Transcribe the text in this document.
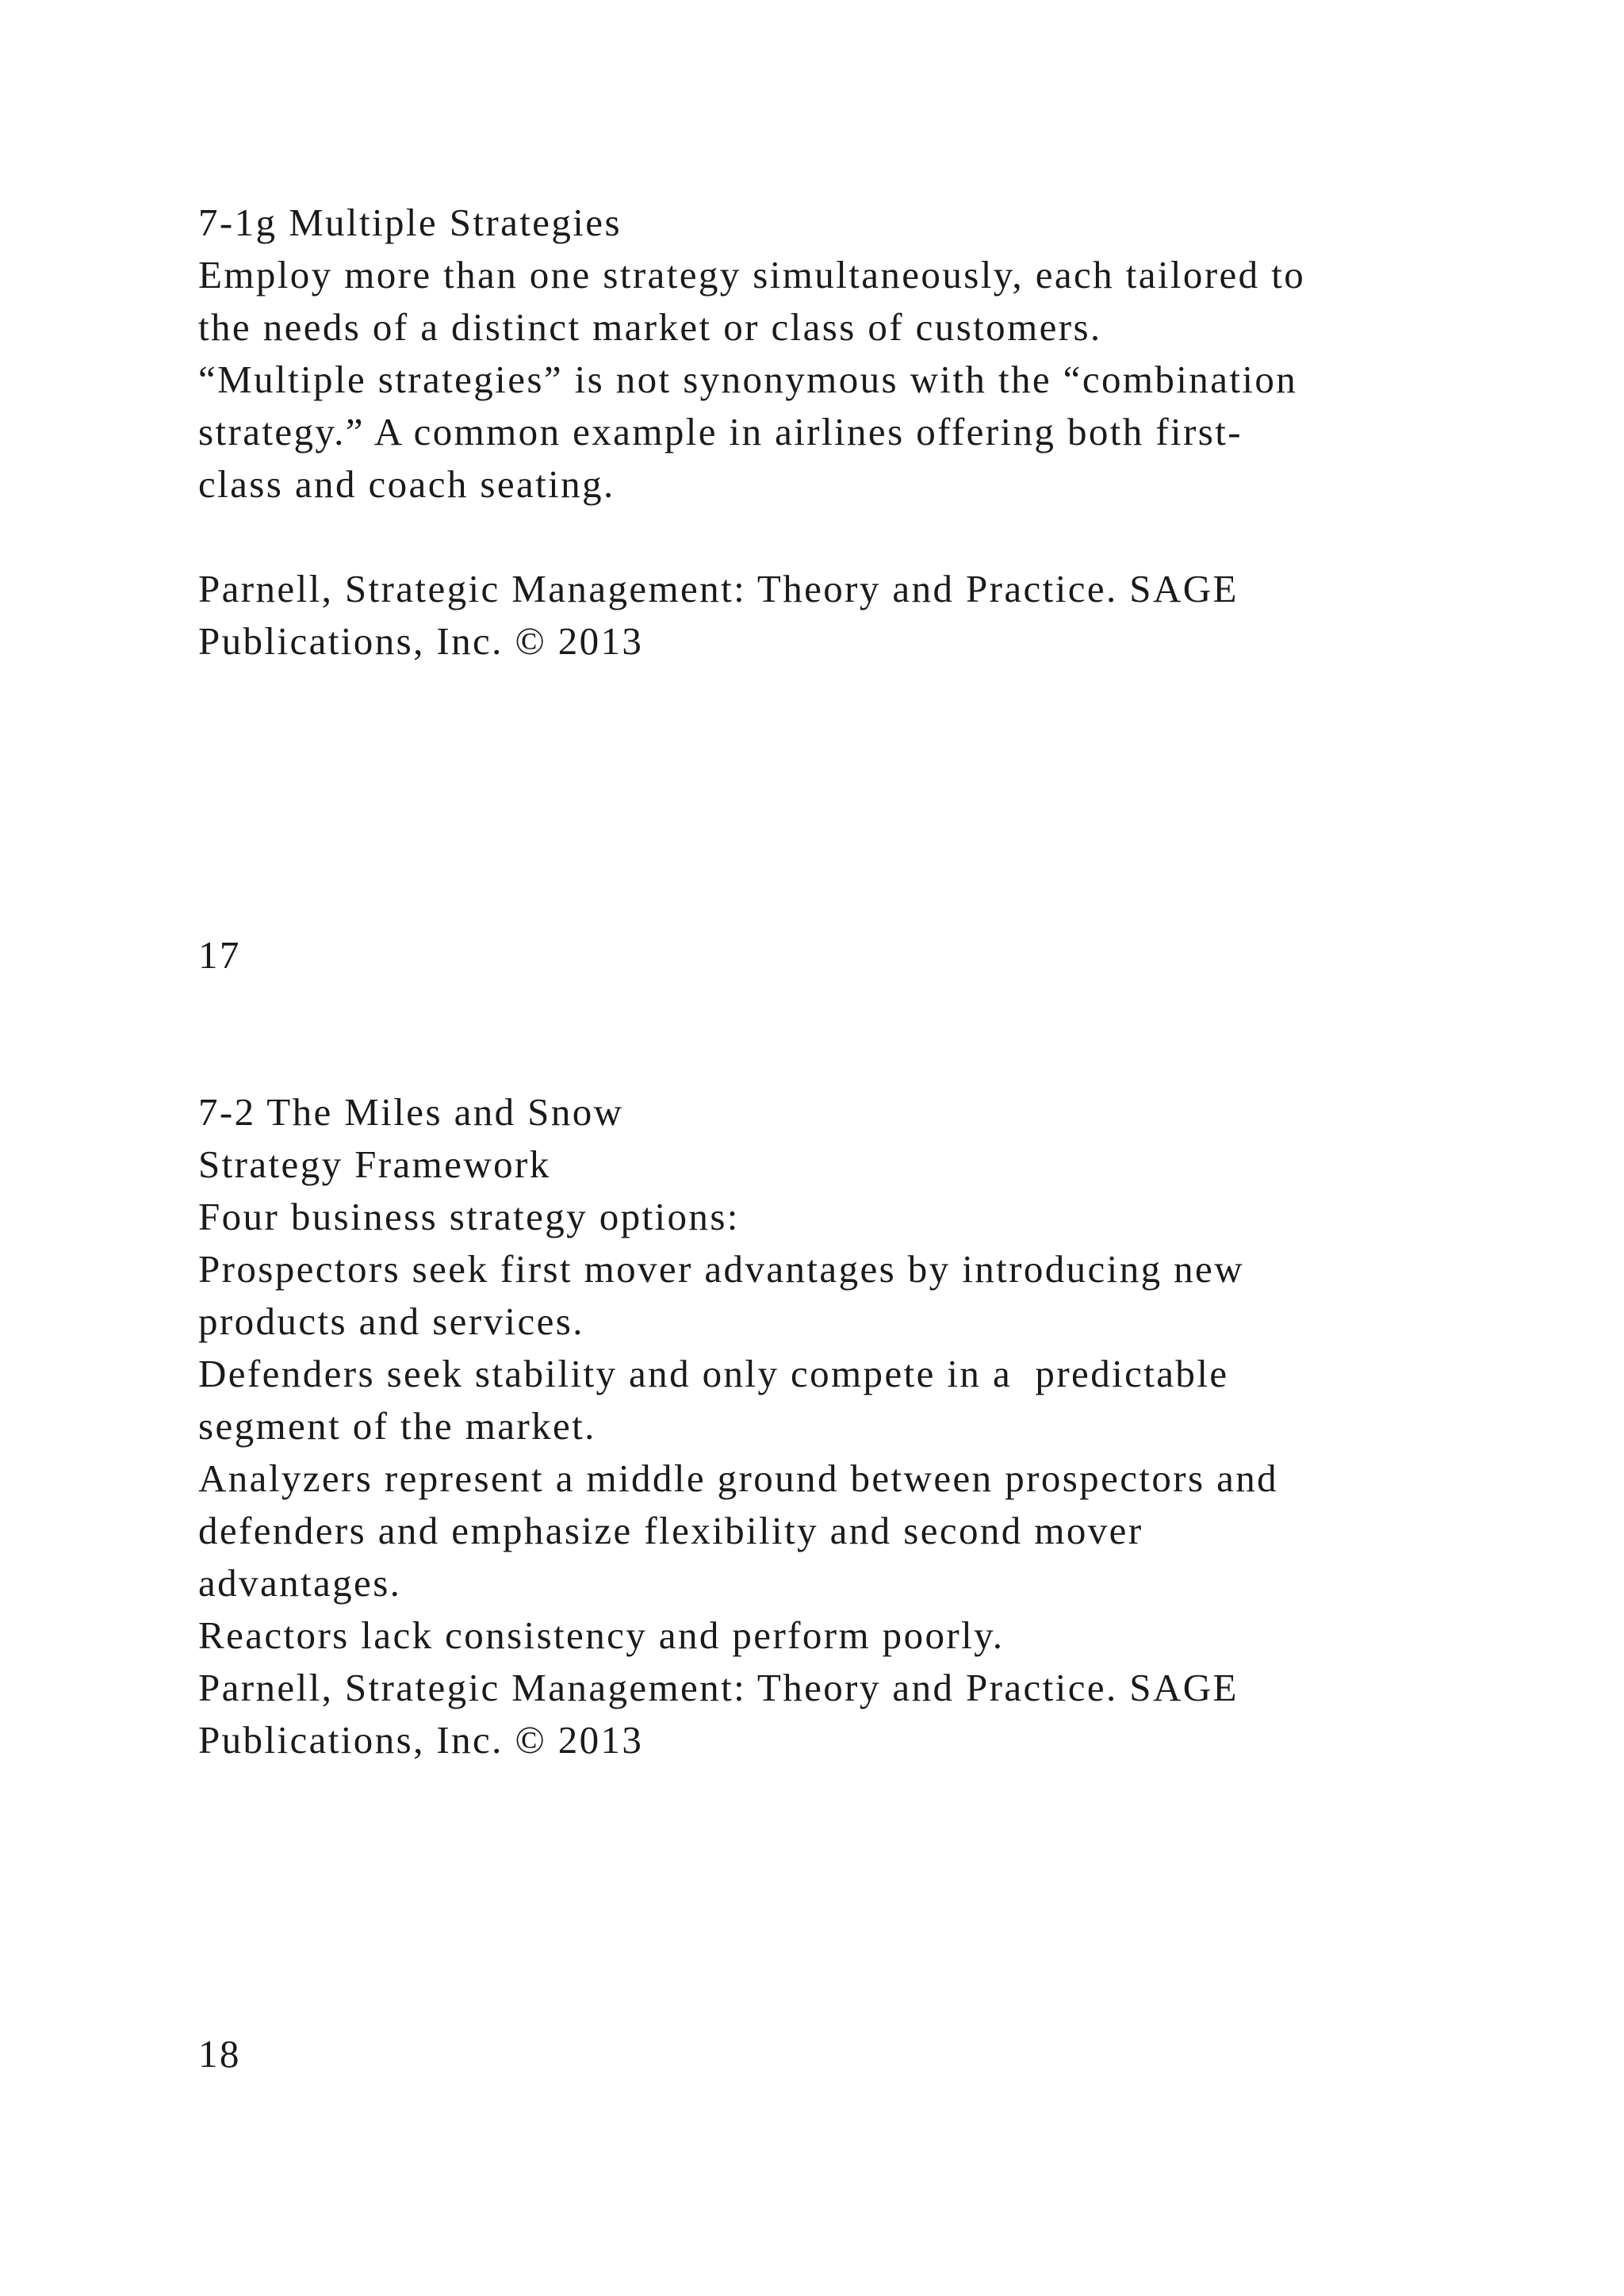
7-1g Multiple Strategies
Employ more than one strategy simultaneously, each tailored to
the needs of a distinct market or class of customers.
“Multiple strategies” is not synonymous with the “combination
strategy.” A common example in airlines offering both first-
class and coach seating.
Parnell, Strategic Management: Theory and Practice. SAGE
Publications, Inc. © 2013
17
7-2 The Miles and Snow
Strategy Framework
Four business strategy options:
Prospectors seek first mover advantages by introducing new
products and services.
Defenders seek stability and only compete in a  predictable
segment of the market.
Analyzers represent a middle ground between prospectors and
defenders and emphasize flexibility and second mover
advantages.
Reactors lack consistency and perform poorly.
Parnell, Strategic Management: Theory and Practice. SAGE
Publications, Inc. © 2013
18
